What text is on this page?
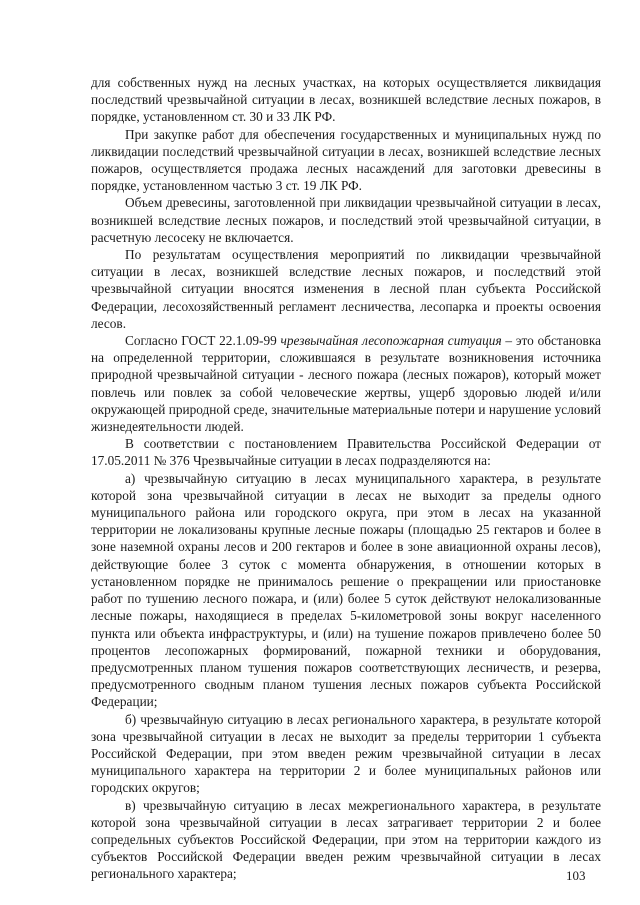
для собственных нужд на лесных участках, на которых осуществляется ликвидация последствий чрезвычайной ситуации в лесах, возникшей вследствие лесных пожаров, в порядке, установленном ст. 30 и 33 ЛК РФ.

При закупке работ для обеспечения государственных и муниципальных нужд по ликвидации последствий чрезвычайной ситуации в лесах, возникшей вследствие лесных пожаров, осуществляется продажа лесных насаждений для заготовки древесины в порядке, установленном частью 3 ст. 19 ЛК РФ.

Объем древесины, заготовленной при ликвидации чрезвычайной ситуации в лесах, возникшей вследствие лесных пожаров, и последствий этой чрезвычайной ситуации, в расчетную лесосеку не включается.

По результатам осуществления мероприятий по ликвидации чрезвычайной ситуации в лесах, возникшей вследствие лесных пожаров, и последствий этой чрезвычайной ситуации вносятся изменения в лесной план субъекта Российской Федерации, лесохозяйственный регламент лесничества, лесопарка и проекты освоения лесов.

Согласно ГОСТ 22.1.09-99 чрезвычайная лесопожарная ситуация – это обстановка на определенной территории, сложившаяся в результате возникновения источника природной чрезвычайной ситуации - лесного пожара (лесных пожаров), который может повлечь или повлек за собой человеческие жертвы, ущерб здоровью людей и/или окружающей природной среде, значительные материальные потери и нарушение условий жизнедеятельности людей.

В соответствии с постановлением Правительства Российской Федерации от 17.05.2011 № 376 Чрезвычайные ситуации в лесах подразделяются на:

а) чрезвычайную ситуацию в лесах муниципального характера, в результате которой зона чрезвычайной ситуации в лесах не выходит за пределы одного муниципального района или городского округа, при этом в лесах на указанной территории не локализованы крупные лесные пожары (площадью 25 гектаров и более в зоне наземной охраны лесов и 200 гектаров и более в зоне авиационной охраны лесов), действующие более 3 суток с момента обнаружения, в отношении которых в установленном порядке не принималось решение о прекращении или приостановке работ по тушению лесного пожара, и (или) более 5 суток действуют нелокализованные лесные пожары, находящиеся в пределах 5-километровой зоны вокруг населенного пункта или объекта инфраструктуры, и (или) на тушение пожаров привлечено более 50 процентов лесопожарных формирований, пожарной техники и оборудования, предусмотренных планом тушения пожаров соответствующих лесничеств, и резерва, предусмотренного сводным планом тушения лесных пожаров субъекта Российской Федерации;

б) чрезвычайную ситуацию в лесах регионального характера, в результате которой зона чрезвычайной ситуации в лесах не выходит за пределы территории 1 субъекта Российской Федерации, при этом введен режим чрезвычайной ситуации в лесах муниципального характера на территории 2 и более муниципальных районов или городских округов;

в) чрезвычайную ситуацию в лесах межрегионального характера, в результате которой зона чрезвычайной ситуации в лесах затрагивает территории 2 и более сопредельных субъектов Российской Федерации, при этом на территории каждого из субъектов Российской Федерации введен режим чрезвычайной ситуации в лесах регионального характера;	103
